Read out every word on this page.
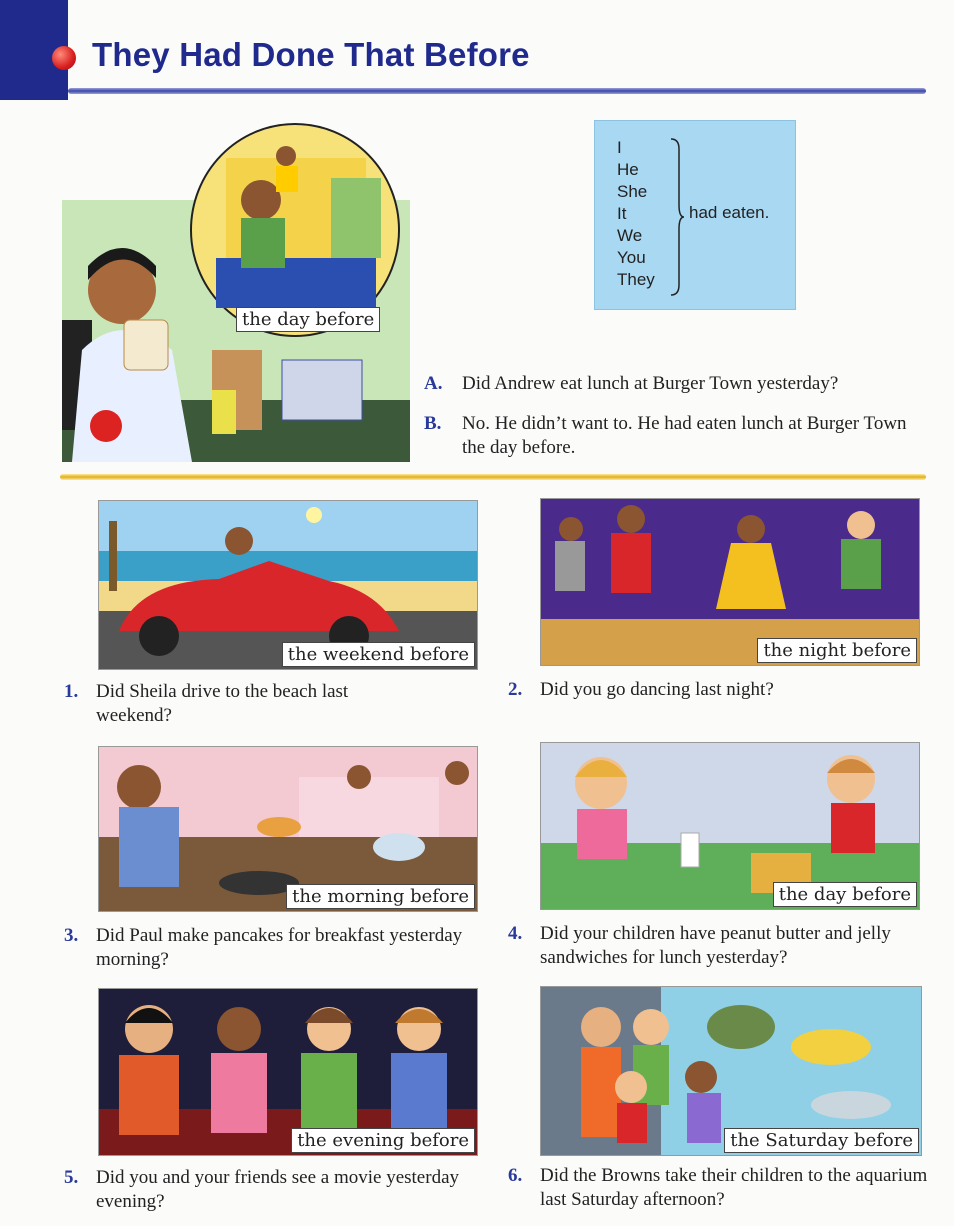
They Had Done That Before
the day before
I
He
She
It
We
You
They
had eaten.
A. Did Andrew eat lunch at Burger Town yesterday?
B. No. He didn’t want to. He had eaten lunch at Burger Town the day before.
the weekend before
1. Did Sheila drive to the beach last weekend?
the night before
2. Did you go dancing last night?
the morning before
3. Did Paul make pancakes for breakfast yesterday morning?
the day before
4. Did your children have peanut butter and jelly sandwiches for lunch yesterday?
the evening before
5. Did you and your friends see a movie yesterday evening?
the Saturday before
6. Did the Browns take their children to the aquarium last Saturday afternoon?
